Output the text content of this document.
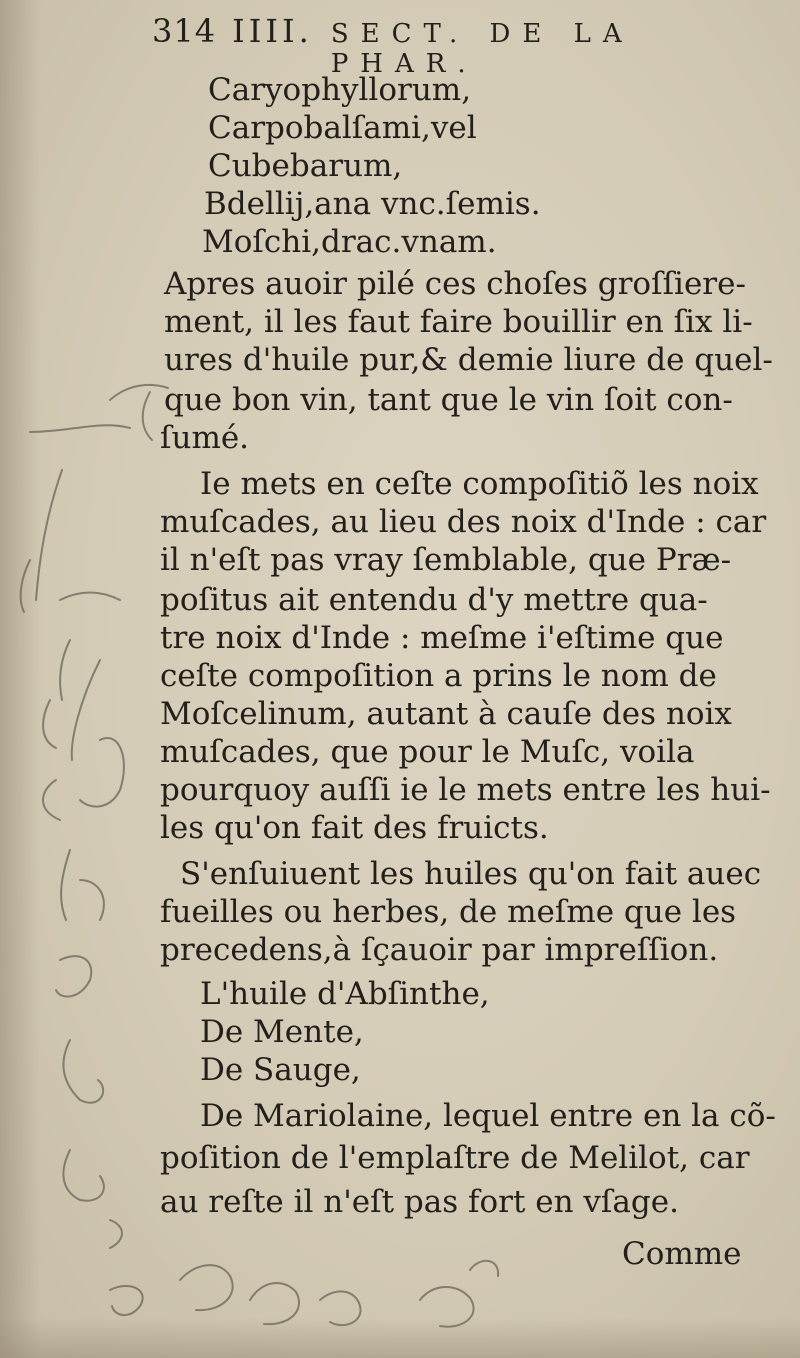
314 IIII. SECT. DE LA PHAR.
Caryophyllorum,
Carpobalſami,vel
Cubebarum,
Bdellij,ana vnc.ſemis.
Moſchi,drac.vnam.
Apres auoir pilé ces choſes groſſiere-
ment, il les faut faire bouillir en ſix li-
ures d'huile pur,& demie liure de quel-
que bon vin, tant que le vin ſoit con-
ſumé.
Ie mets en ceſte compoſitiõ les noix
muſcades, au lieu des noix d'Inde : car
il n'eſt pas vray ſemblable, que Præ-
poſitus ait entendu d'y mettre qua-
tre noix d'Inde : meſme i'eſtime que
ceſte compoſition a prins le nom de
Moſcelinum, autant à cauſe des noix
muſcades, que pour le Muſc, voila
pourquoy auſſi ie le mets entre les hui-
les qu'on fait des fruicts.
S'enſuiuent les huiles qu'on fait auec
fueilles ou herbes, de meſme que les
precedens,à ſçauoir par impreſſion.
L'huile d'Abſinthe,
De Mente,
De Sauge,
De Mariolaine, lequel entre en la cõ-
poſition de l'emplaſtre de Melilot, car
au reſte il n'eſt pas fort en vſage.
Comme
